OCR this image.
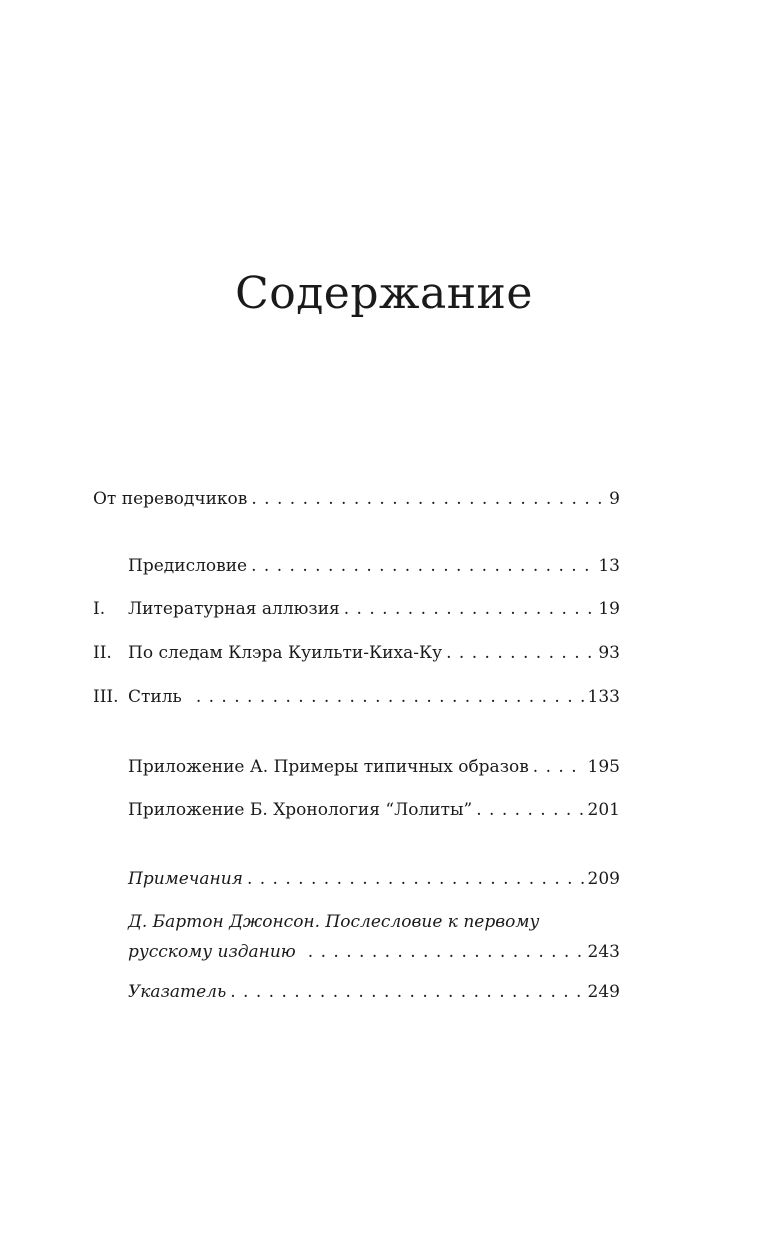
Содержание
От переводчиков . . .	9
Предисловие . . .	13
I. Литературная аллюзия . . .	19
II. По следам Клэра Куильти-Киха-Ку . . .	93
III. Стиль . . .	133
Приложение А. Примеры типичных образов . . .	195
Приложение Б. Хронология “Лолиты” . . .	201
Примечания . . .	209
Д. Бартон Джонсон. Послесловие к первому
русскому изданию . . .	243
Указатель . . .	249
